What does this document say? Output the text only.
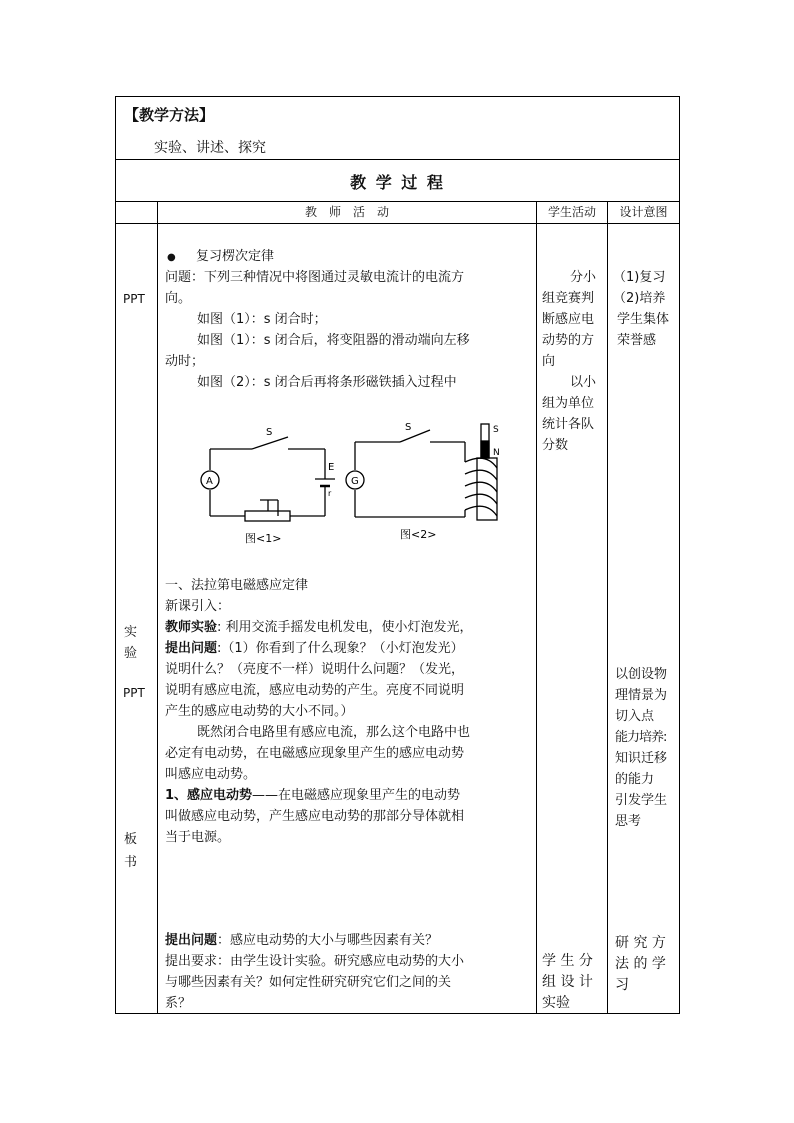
【教学方法】
实验、讲述、探究
教 学 过 程
教　师　活　动	学生活动	设计意图
PPT
实
验
PPT
板
书
● 复习楞次定律
问题：下列三种情况中将图通过灵敏电流计的电流方
向。
如图（1）：s 闭合时；
如图（1）：s 闭合后，将变阻器的滑动端向左移
动时；
如图（2）：s 闭合后再将条形磁铁插入过程中
S
A
E
r
图<1>
S
G
S
N
图<2>
一、法拉第电磁感应定律
新课引入：
教师实验: 利用交流手摇发电机发电，使小灯泡发光，
提出问题:（1）你看到了什么现象？（小灯泡发光）
说明什么？（亮度不一样）说明什么问题？（发光，
说明有感应电流，感应电动势的产生。亮度不同说明
产生的感应电动势的大小不同。）
既然闭合电路里有感应电流，那么这个电路中也
必定有电动势，在电磁感应现象里产生的感应电动势
叫感应电动势。
1、感应电动势——在电磁感应现象里产生的电动势
叫做感应电动势，产生感应电动势的那部分导体就相
当于电源。
提出问题：感应电动势的大小与哪些因素有关？
提出要求：由学生设计实验。研究感应电动势的大小
与哪些因素有关？如何定性研究研究它们之间的关
系？
分小
组竞赛判
断感应电
动势的方
向
以小
组为单位
统计各队
分数
学 生 分
组 设 计
实验
（1)复习
（2)培养
学生集体
荣誉感
以创设物
理情景为
切入点
能力培养:
知识迁移
的能力
引发学生
思考
研 究 方
法 的 学
习
